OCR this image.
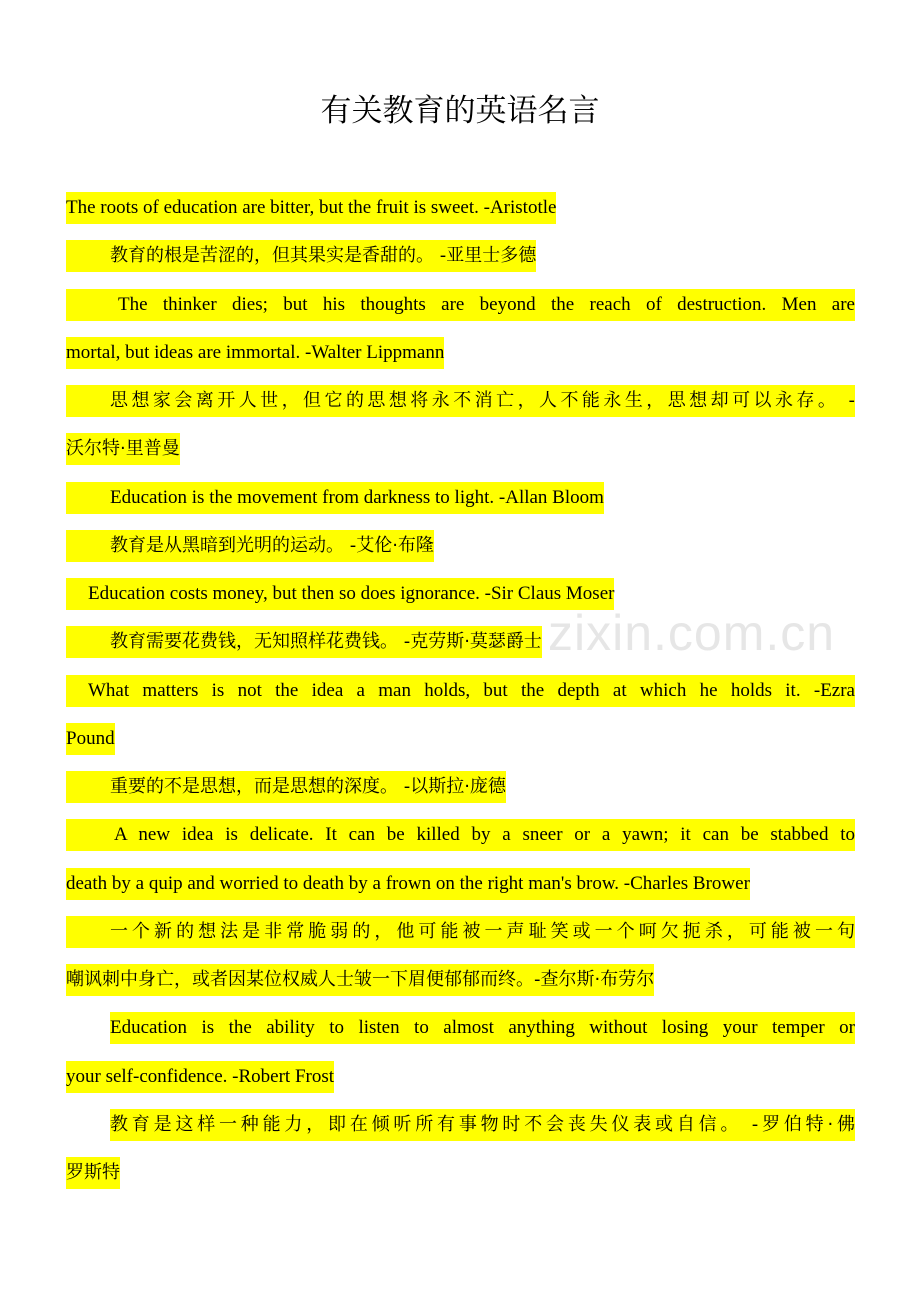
有关教育的英语名言
The roots of education are bitter, but the fruit is sweet. -Aristotle
教育的根是苦涩的，但其果实是香甜的。 -亚里士多德
The thinker dies; but his thoughts are beyond the reach of destruction. Men are
mortal, but ideas are immortal. -Walter Lippmann
思想家会离开人世，但它的思想将永不消亡，人不能永生，思想却可以永存。 -
沃尔特·里普曼
Education is the movement from darkness to light. -Allan Bloom
教育是从黑暗到光明的运动。 -艾伦·布隆
Education costs money, but then so does ignorance. -Sir Claus Moser
教育需要花费钱，无知照样花费钱。 -克劳斯·莫瑟爵士
What matters is not the idea a man holds, but the depth at which he holds it. -Ezra
Pound
重要的不是思想，而是思想的深度。 -以斯拉·庞德
A new idea is delicate. It can be killed by a sneer or a yawn; it can be stabbed to
death by a quip and worried to death by a frown on the right man's brow. -Charles Brower
一个新的想法是非常脆弱的，他可能被一声耻笑或一个呵欠扼杀，可能被一句
嘲讽刺中身亡，或者因某位权威人士皱一下眉便郁郁而终。-查尔斯·布劳尔
Education is the ability to listen to almost anything without losing your temper or
your self-confidence. -Robert Frost
教育是这样一种能力，即在倾听所有事物时不会丧失仪表或自信。 -罗伯特·佛
罗斯特
zixin.com.cn
